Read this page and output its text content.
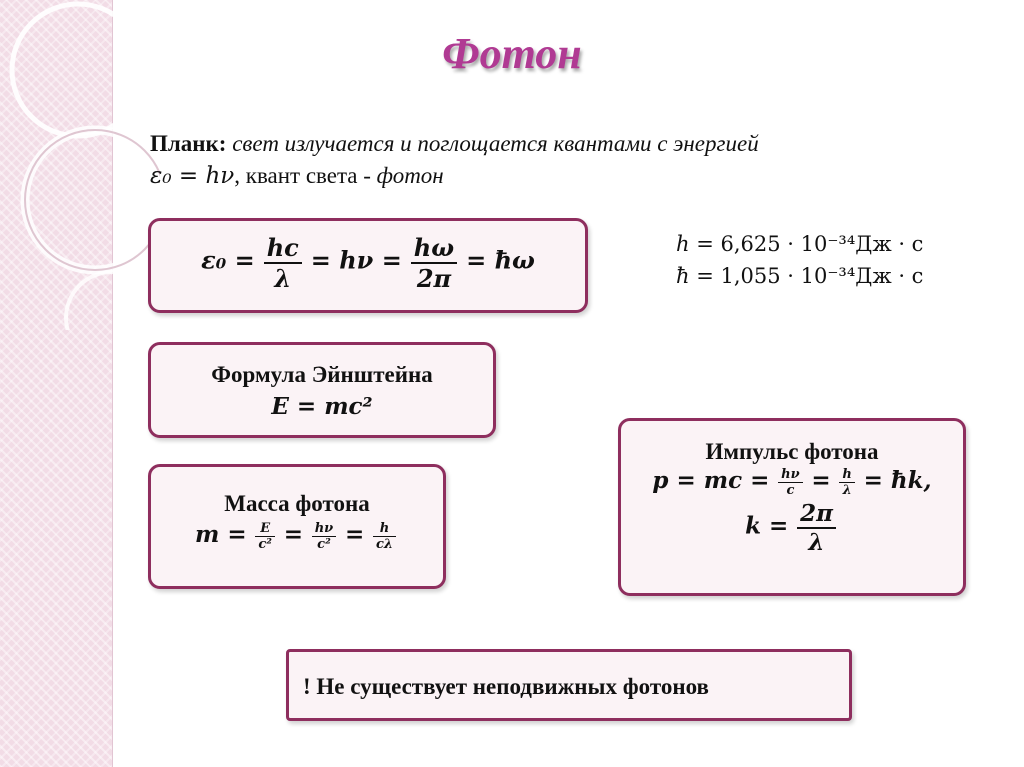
Фотон
Планк: свет излучается и поглощается квантами с энергией
ε₀ = hν, квант света - фотон
$\varepsilon_0 = \frac{hc}{\lambda} = h\nu = \frac{h\omega}{2\pi}$ = ħω
h = 6,625 · 10⁻³⁴Дж · с
ħ = 1,055 · 10⁻³⁴Дж · с
Формула Эйнштейна
E = mc²
Масса фотона
$m = \frac{E}{\text{c²}} = \frac{h\nu}{\text{c²}} = \frac{h}{c\lambda}$
Импульс фотона
p = mc = $\frac{h\nu}{c} = \frac{h}{\lambda}$ = ħk,
$k = \frac{2\pi}{\lambda}$
! Не существует неподвижных фотонов
